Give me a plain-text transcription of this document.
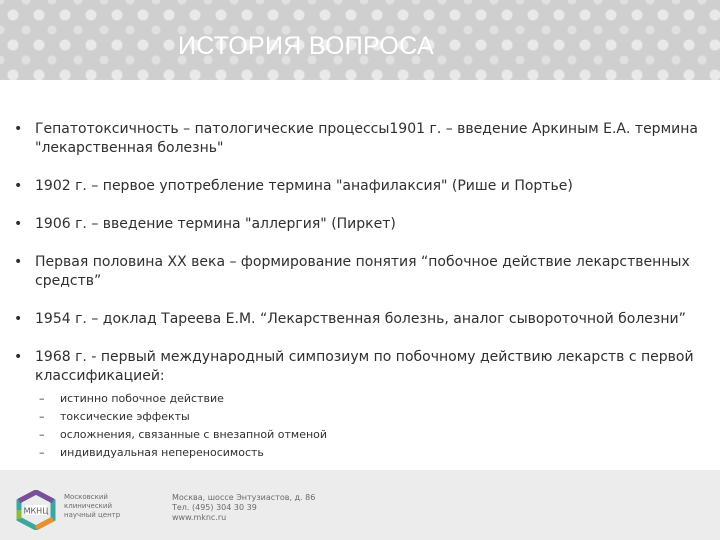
ИСТОРИЯ ВОПРОСА
• Гепатотоксичность – патологические процессы1901 г. – введение Аркиным Е.А. термина "лекарственная болезнь"
• 1902 г. – первое употребление термина "анафилаксия" (Рише и Портье)
• 1906 г. – введение термина "аллергия" (Пиркет)
• Первая половина XX века – формирование понятия “побочное действие лекарственных средств”
• 1954 г. – доклад Тареева Е.М. “Лекарственная болезнь, аналог сывороточной болезни”
• 1968 г. - первый международный симпозиум по побочному действию лекарств с первой классификацией:
– истинно побочное действие
– токсические эффекты
– осложнения, связанные с внезапной отменой
– индивидуальная непереносимость
МКНЦ
Московский
клинический
научный центр
Москва, шоссе Энтузиастов, д. 86
Тел. (495) 304 30 39
www.mknc.ru
